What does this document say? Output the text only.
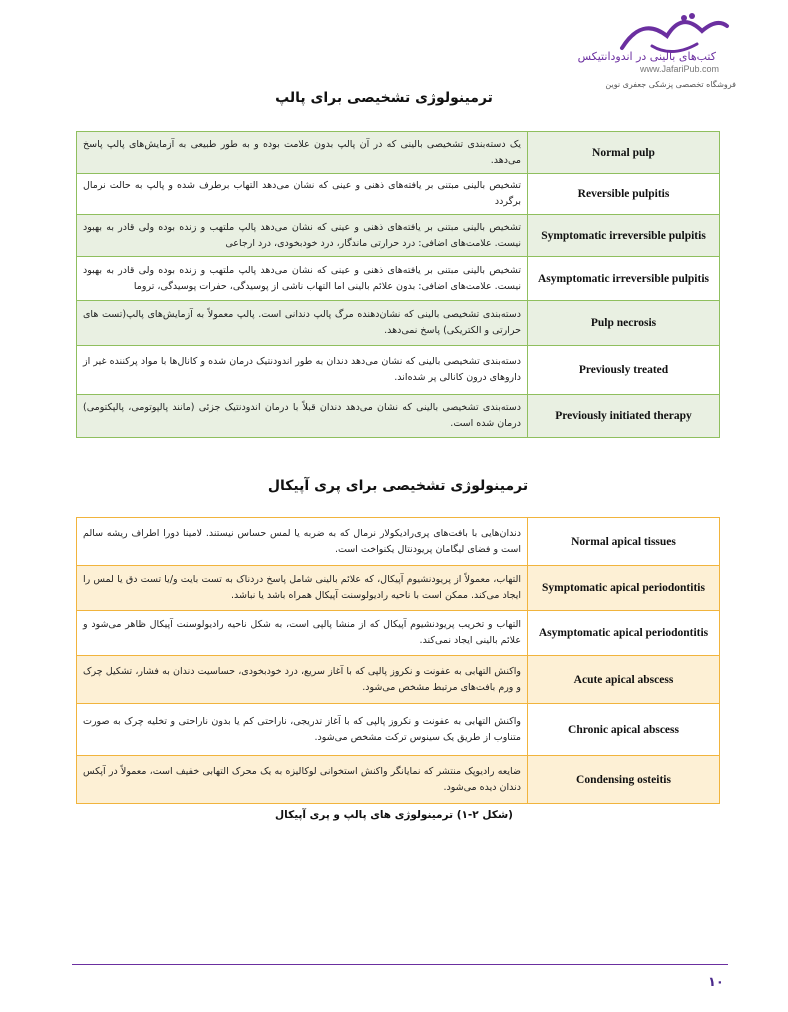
کتب‌های بالینی در اندودانتیکس
www.JafariPub.com
فروشگاه تخصصی پزشکی جعفری نوین
ترمینولوژی تشخیصی برای پالپ
یک دسته‌بندی تشخیصی بالینی که در آن پالپ بدون علامت بوده و به طور طبیعی به آزمایش‌های پالپ پاسخ می‌دهد.	Normal pulp
تشخیص بالینی مبتنی بر یافته‌های ذهنی و عینی که نشان می‌دهد التهاب برطرف شده و پالپ به حالت نرمال برگردد	Reversible pulpitis
تشخیص بالینی مبتنی بر یافته‌های ذهنی و عینی که نشان می‌دهد پالپ ملتهب و زنده بوده ولی قادر به بهبود نیست. علامت‌های اضافی: درد حرارتی ماندگار، درد خودبخودی، درد ارجاعی	Symptomatic irreversible pulpitis
تشخیص بالینی مبتنی بر یافته‌های ذهنی و عینی که نشان می‌دهد پالپ ملتهب و زنده بوده ولی قادر به بهبود نیست. علامت‌های اضافی: بدون علائم بالینی اما التهاب ناشی از پوسیدگی، حفرات پوسیدگی، تروما	Asymptomatic irreversible pulpitis
دسته‌بندی تشخیصی بالینی که نشان‌دهنده مرگ پالپ دندانی است. پالپ معمولاً به آزمایش‌های پالپ(تست های حرارتی و الکتریکی) پاسخ نمی‌دهد.	Pulp necrosis
دسته‌بندی تشخیصی بالینی که نشان می‌دهد دندان به طور اندودنتیک درمان شده و کانال‌ها با مواد پرکننده غیر از داروهای درون کانالی پر شده‌اند.	Previously treated
دسته‌بندی تشخیصی بالینی که نشان می‌دهد دندان قبلاً با درمان اندودنتیک جزئی (مانند پالپوتومی، پالپکتومی) درمان شده است.	Previously initiated therapy
ترمینولوژی تشخیصی برای پری آپیکال
دندان‌هایی با بافت‌های پری‌رادیکولار نرمال که به ضربه یا لمس حساس نیستند. لامینا دورا اطراف ریشه سالم است و فضای لیگامان پریودنتال یکنواخت است.	Normal apical tissues
التهاب، معمولاً از پریودنشیوم آپیکال، که علائم بالینی شامل پاسخ دردناک به تست بایت و/یا تست دق یا لمس را ایجاد می‌کند. ممکن است با ناحیه رادیولوسنت آپیکال همراه باشد یا نباشد.	Symptomatic apical periodontitis
التهاب و تخریب پریودنشیوم آپیکال که از منشا پالپی است، به شکل ناحیه رادیولوسنت آپیکال ظاهر می‌شود و علائم بالینی ایجاد نمی‌کند.	Asymptomatic apical periodontitis
واکنش التهابی به عفونت و نکروز پالپی که با آغاز سریع، درد خودبخودی، حساسیت دندان به فشار، تشکیل چرک و ورم بافت‌های مرتبط مشخص می‌شود.	Acute apical abscess
واکنش التهابی به عفونت و نکروز پالپی که با آغاز تدریجی، ناراحتی کم یا بدون ناراحتی و تخلیه چرک به صورت متناوب از طریق یک سینوس ترکت مشخص می‌شود.	Chronic apical abscess
ضایعه رادیوپک منتشر که نمایانگر واکنش استخوانی لوکالیزه به یک محرک التهابی خفیف است، معمولاً در آپکس دندان دیده می‌شود.	Condensing osteitis
(شکل ۲-۱) ترمینولوژی های پالپ و پری آپیکال
۱۰
